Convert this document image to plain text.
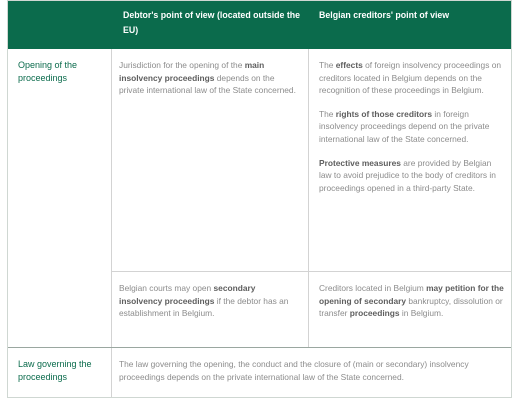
Debtor's point of view (located outside the EU)
Belgian creditors' point of view
Opening of the proceedings
Jurisdiction for the opening of the main insolvency proceedings depends on the private international law of the State concerned.
The effects of foreign insolvency proceedings on creditors located in Belgium depends on the recognition of these proceedings in Belgium.
The rights of those creditors in foreign insolvency proceedings depend on the private international law of the State concerned.
Protective measures are provided by Belgian law to avoid prejudice to the body of creditors in proceedings opened in a third-party State.
Belgian courts may open secondary insolvency proceedings if the debtor has an establishment in Belgium.
Creditors located in Belgium may petition for the opening of secondary bankruptcy, dissolution or transfer proceedings in Belgium.
Law governing the proceedings
The law governing the opening, the conduct and the closure of (main or secondary) insolvency proceedings depends on the private international law of the State concerned.
